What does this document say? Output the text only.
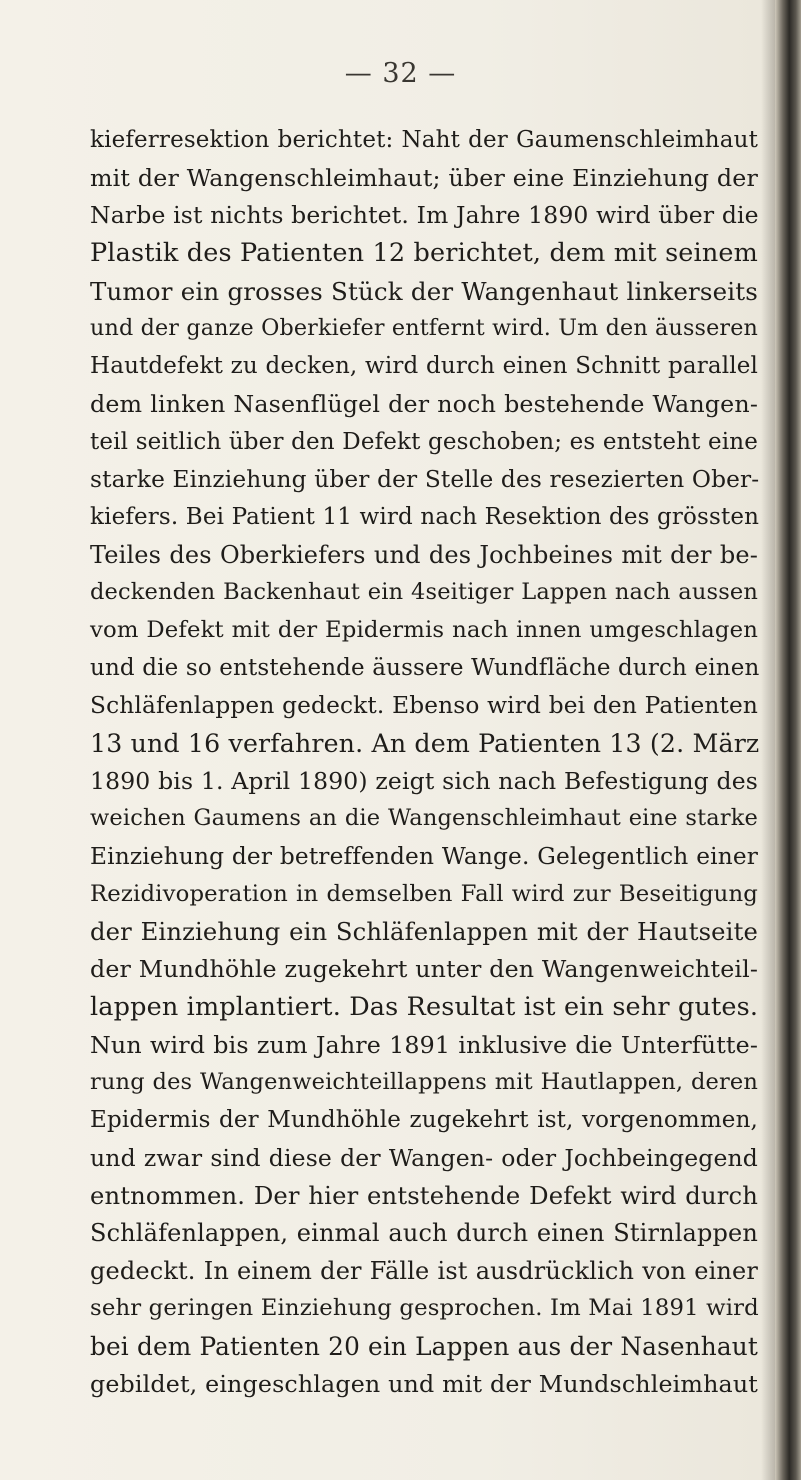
— 32 —
kieferresektion berichtet: Naht der Gaumenschleimhaut
mit der Wangenschleimhaut; über eine Einziehung der
Narbe ist nichts berichtet. Im Jahre 1890 wird über die
Plastik des Patienten 12 berichtet, dem mit seinem
Tumor ein grosses Stück der Wangenhaut linkerseits
und der ganze Oberkiefer entfernt wird. Um den äusseren
Hautdefekt zu decken, wird durch einen Schnitt parallel
dem linken Nasenflügel der noch bestehende Wangen-
teil seitlich über den Defekt geschoben; es entsteht eine
starke Einziehung über der Stelle des resezierten Ober-
kiefers. Bei Patient 11 wird nach Resektion des grössten
Teiles des Oberkiefers und des Jochbeines mit der be-
deckenden Backenhaut ein 4seitiger Lappen nach aussen
vom Defekt mit der Epidermis nach innen umgeschlagen
und die so entstehende äussere Wundfläche durch einen
Schläfenlappen gedeckt. Ebenso wird bei den Patienten
13 und 16 verfahren. An dem Patienten 13 (2. März
1890 bis 1. April 1890) zeigt sich nach Befestigung des
weichen Gaumens an die Wangenschleimhaut eine starke
Einziehung der betreffenden Wange. Gelegentlich einer
Rezidivoperation in demselben Fall wird zur Beseitigung
der Einziehung ein Schläfenlappen mit der Hautseite
der Mundhöhle zugekehrt unter den Wangenweichteil-
lappen implantiert. Das Resultat ist ein sehr gutes.
Nun wird bis zum Jahre 1891 inklusive die Unterfütte-
rung des Wangenweichteillappens mit Hautlappen, deren
Epidermis der Mundhöhle zugekehrt ist, vorgenommen,
und zwar sind diese der Wangen- oder Jochbeingegend
entnommen. Der hier entstehende Defekt wird durch
Schläfenlappen, einmal auch durch einen Stirnlappen
gedeckt. In einem der Fälle ist ausdrücklich von einer
sehr geringen Einziehung gesprochen. Im Mai 1891 wird
bei dem Patienten 20 ein Lappen aus der Nasenhaut
gebildet, eingeschlagen und mit der Mundschleimhaut
